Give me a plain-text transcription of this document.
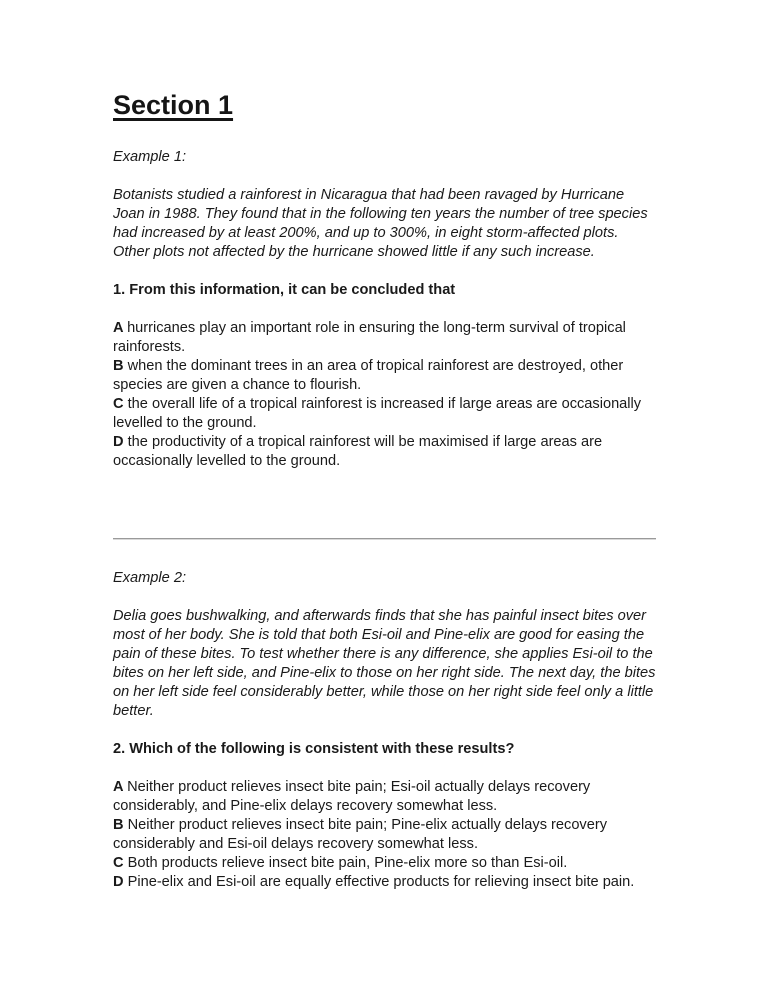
Section 1

Example 1:

Botanists studied a rainforest in Nicaragua that had been ravaged by Hurricane Joan in 1988. They found that in the following ten years the number of tree species had increased by at least 200%, and up to 300%, in eight storm-affected plots. Other plots not affected by the hurricane showed little if any such increase.

1. From this information, it can be concluded that

A hurricanes play an important role in ensuring the long-term survival of tropical rainforests.

B when the dominant trees in an area of tropical rainforest are destroyed, other species are given a chance to flourish.

C the overall life of a tropical rainforest is increased if large areas are occasionally levelled to the ground.

D the productivity of a tropical rainforest will be maximised if large areas are occasionally levelled to the ground.

Example 2:

Delia goes bushwalking, and afterwards finds that she has painful insect bites over most of her body. She is told that both Esi-oil and Pine-elix are good for easing the pain of these bites. To test whether there is any difference, she applies Esi-oil to the bites on her left side, and Pine-elix to those on her right side. The next day, the bites on her left side feel considerably better, while those on her right side feel only a little better.

2. Which of the following is consistent with these results?

A Neither product relieves insect bite pain; Esi-oil actually delays recovery considerably, and Pine-elix delays recovery somewhat less.

B Neither product relieves insect bite pain; Pine-elix actually delays recovery considerably and Esi-oil delays recovery somewhat less.

C Both products relieve insect bite pain, Pine-elix more so than Esi-oil.

D Pine-elix and Esi-oil are equally effective products for relieving insect bite pain.
